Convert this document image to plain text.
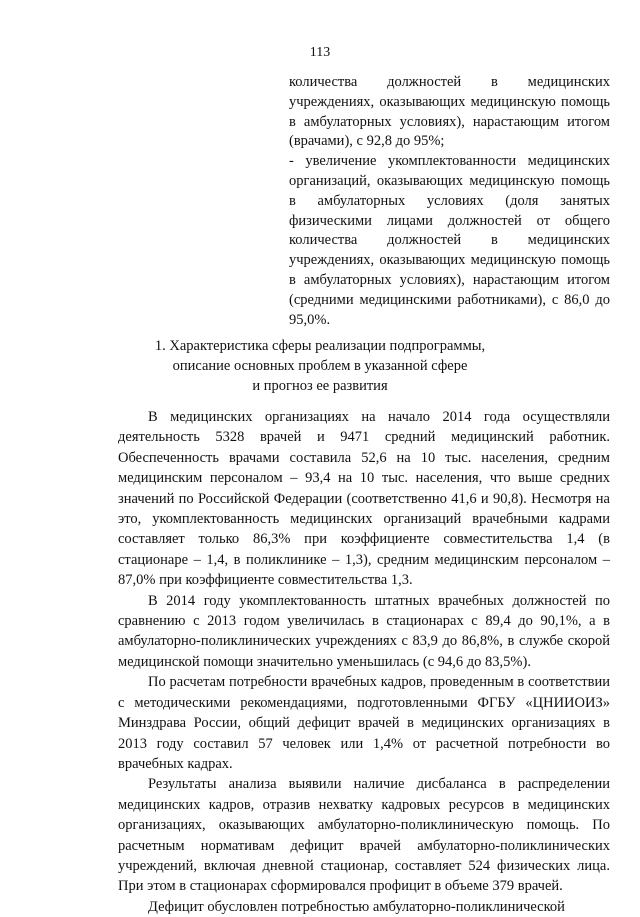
113

количества должностей в медицинских учреждениях, оказывающих медицинскую помощь в амбулаторных условиях), нарастающим итогом (врачами), с 92,8 до 95%;

- увеличение укомплектованности медицинских организаций, оказывающих медицинскую помощь в амбулаторных условиях (доля занятых физическими лицами должностей от общего количества должностей в медицинских учреждениях, оказывающих медицинскую помощь в амбулаторных условиях), нарастающим итогом (средними медицинскими работниками), с 86,0 до 95,0%.

1. Характеристика сферы реализации подпрограммы,
описание основных проблем в указанной сфере
и прогноз ее развития

В медицинских организациях на начало 2014 года осуществляли деятельность 5328 врачей и 9471 средний медицинский работник. Обеспеченность врачами составила 52,6 на 10 тыс. населения, средним медицинским персоналом – 93,4 на 10 тыс. населения, что выше средних значений по Российской Федерации (соответственно 41,6 и 90,8). Несмотря на это, укомплектованность медицинских организаций врачебными кадрами составляет только 86,3% при коэффициенте совместительства 1,4 (в стационаре – 1,4, в поликлинике – 1,3), средним медицинским персоналом – 87,0% при коэффициенте совместительства 1,3.

В 2014 году укомплектованность штатных врачебных должностей по сравнению с 2013 годом увеличилась в стационарах с 89,4 до 90,1%, а в амбулаторно-поликлинических учреждениях с 83,9 до 86,8%, в службе скорой медицинской помощи значительно уменьшилась (с 94,6 до 83,5%).

По расчетам потребности врачебных кадров, проведенным в соответствии с методическими рекомендациями, подготовленными ФГБУ «ЦНИИОИЗ» Минздрава России, общий дефицит врачей в медицинских организациях в 2013 году составил 57 человек или 1,4% от расчетной потребности во врачебных кадрах.

Результаты анализа выявили наличие дисбаланса в распределении медицинских кадров, отразив нехватку кадровых ресурсов в медицинских организациях, оказывающих амбулаторно-поликлиническую помощь. По расчетным нормативам дефицит врачей амбулаторно-поликлинических учреждений, включая дневной стационар, составляет 524 физических лица. При этом в стационарах сформировался профицит в объеме 379 врачей.

Дефицит обусловлен потребностью амбулаторно-поликлинической
